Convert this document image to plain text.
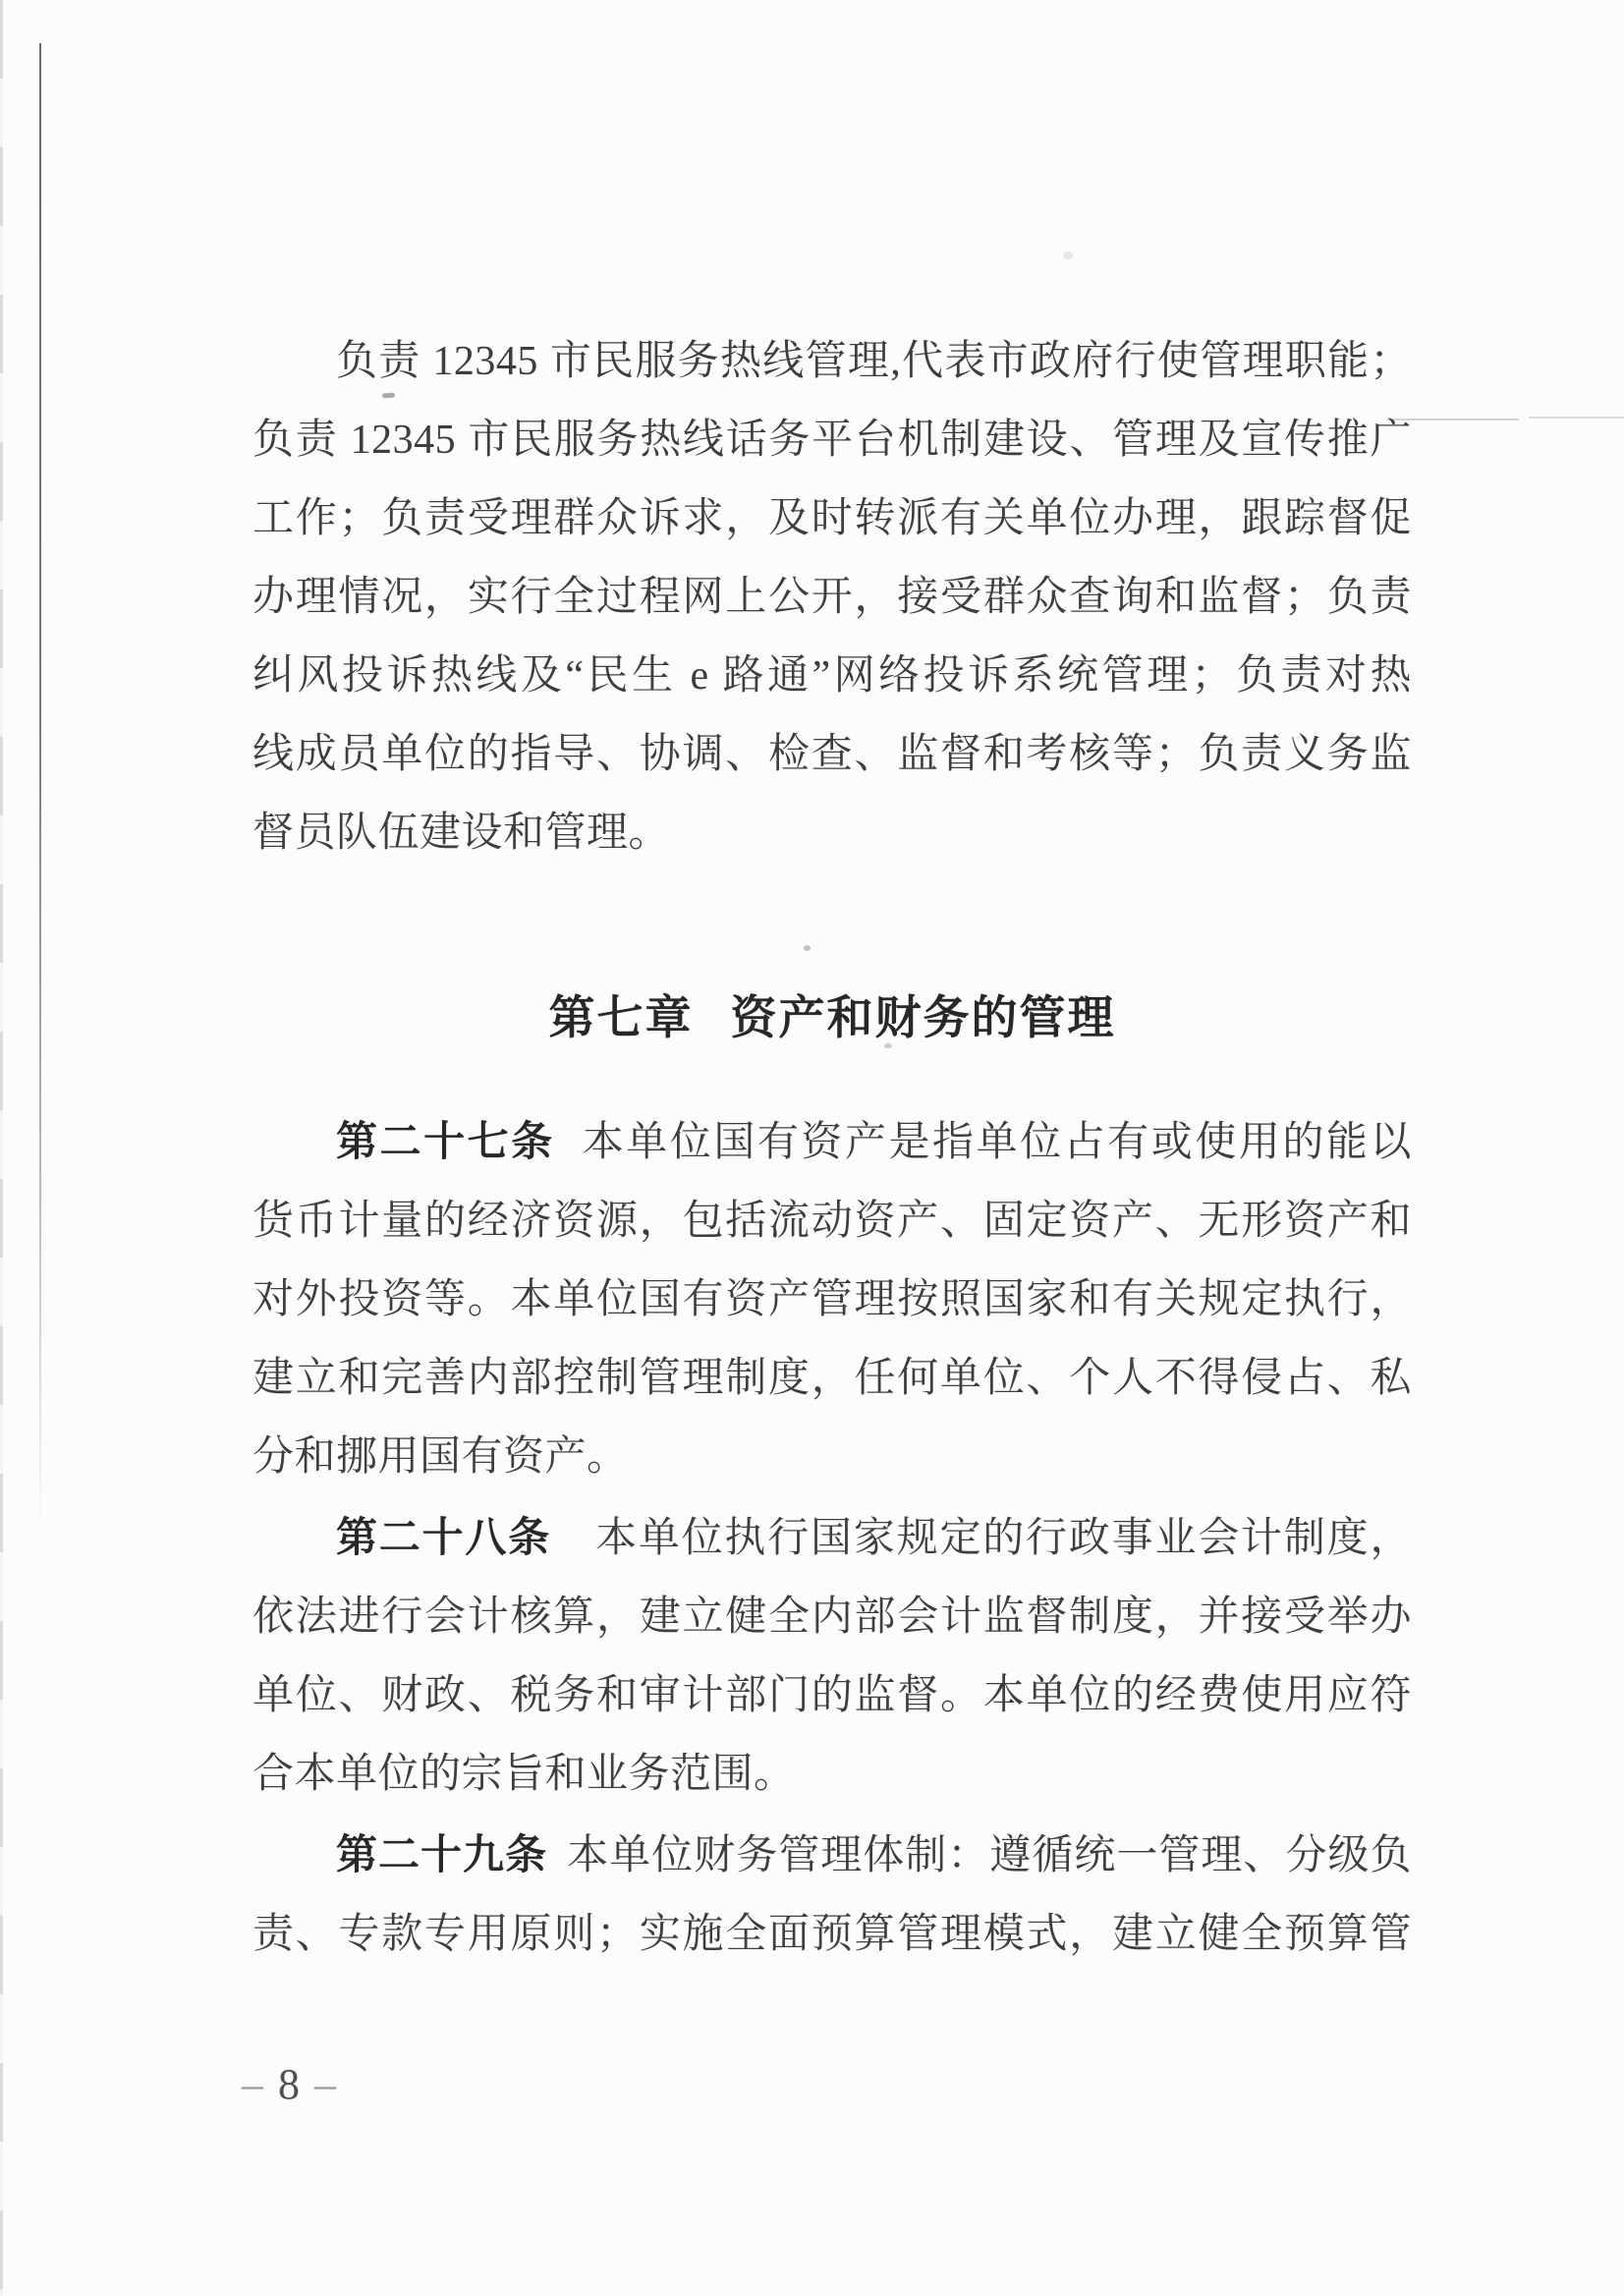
负责 12345 市民服务热线管理,代表市政府行使管理职能；
负责 12345 市民服务热线话务平台机制建设、管理及宣传推广
工作；负责受理群众诉求，及时转派有关单位办理，跟踪督促
办理情况，实行全过程网上公开，接受群众查询和监督；负责
纠风投诉热线及“民生 e 路通”网络投诉系统管理；负责对热
线成员单位的指导、协调、检查、监督和考核等；负责义务监
督员队伍建设和管理。
第七章 资产和财务的管理
第二十七条 本单位国有资产是指单位占有或使用的能以
货币计量的经济资源，包括流动资产、固定资产、无形资产和
对外投资等。本单位国有资产管理按照国家和有关规定执行，
建立和完善内部控制管理制度，任何单位、个人不得侵占、私
分和挪用国有资产。
第二十八条 本单位执行国家规定的行政事业会计制度，
依法进行会计核算，建立健全内部会计监督制度，并接受举办
单位、财政、税务和审计部门的监督。本单位的经费使用应符
合本单位的宗旨和业务范围。
第二十九条 本单位财务管理体制：遵循统一管理、分级负
责、专款专用原则；实施全面预算管理模式，建立健全预算管
– 8 –
